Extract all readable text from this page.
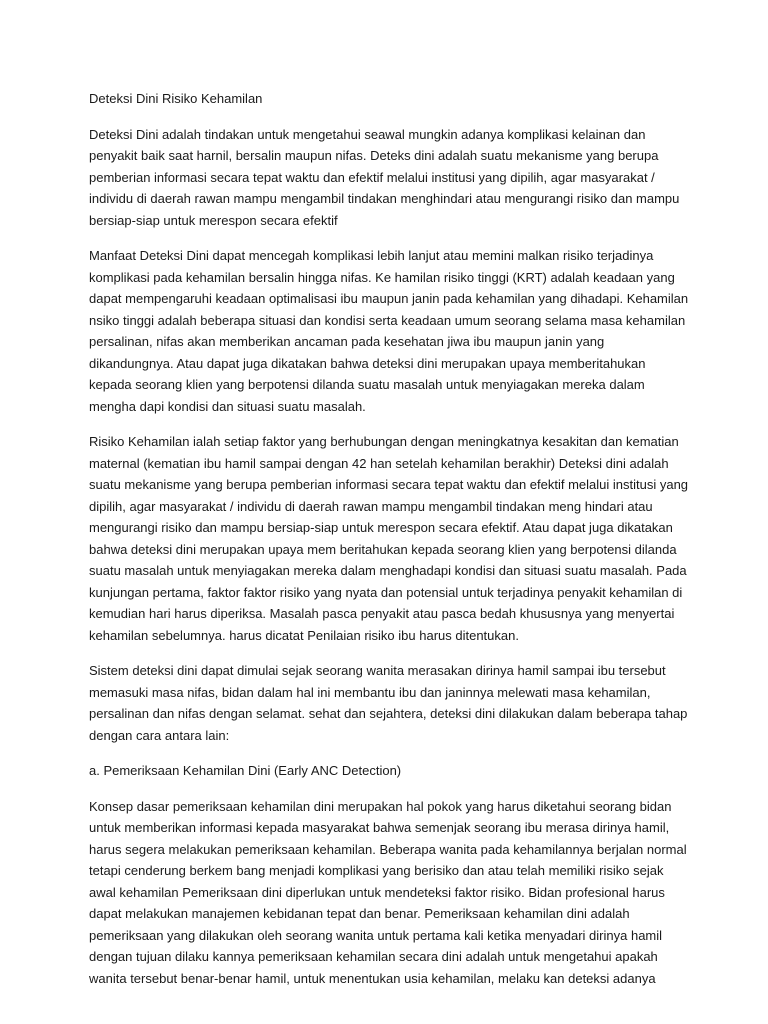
Deteksi Dini Risiko Kehamilan

Deteksi Dini adalah tindakan untuk mengetahui seawal mungkin adanya komplikasi kelainan dan penyakit baik saat harnil, bersalin maupun nifas. Deteks dini adalah suatu mekanisme yang berupa pemberian informasi secara tepat waktu dan efektif melalui institusi yang dipilih, agar masyarakat / individu di daerah rawan mampu mengambil tindakan menghindari atau mengurangi risiko dan mampu bersiap-siap untuk merespon secara efektif

Manfaat Deteksi Dini dapat mencegah komplikasi lebih lanjut atau memini malkan risiko terjadinya komplikasi pada kehamilan bersalin hingga nifas. Ke hamilan risiko tinggi (KRT) adalah keadaan yang dapat mempengaruhi keadaan optimalisasi ibu maupun janin pada kehamilan yang dihadapi. Kehamilan nsiko tinggi adalah beberapa situasi dan kondisi serta keadaan umum seorang selama masa kehamilan persalinan, nifas akan memberikan ancaman pada kesehatan jiwa ibu maupun janin yang dikandungnya. Atau dapat juga dikatakan bahwa deteksi dini merupakan upaya memberitahukan kepada seorang klien yang berpotensi dilanda suatu masalah untuk menyiagakan mereka dalam mengha dapi kondisi dan situasi suatu masalah.

Risiko Kehamilan ialah setiap faktor yang berhubungan dengan meningkatnya kesakitan dan kematian maternal (kematian ibu hamil sampai dengan 42 han setelah kehamilan berakhir) Deteksi dini adalah suatu mekanisme yang berupa pemberian informasi secara tepat waktu dan efektif melalui institusi yang dipilih, agar masyarakat / individu di daerah rawan mampu mengambil tindakan meng hindari atau mengurangi risiko dan mampu bersiap-siap untuk merespon secara efektif. Atau dapat juga dikatakan bahwa deteksi dini merupakan upaya mem beritahukan kepada seorang klien yang berpotensi dilanda suatu masalah untuk menyiagakan mereka dalam menghadapi kondisi dan situasi suatu masalah. Pada kunjungan pertama, faktor faktor risiko yang nyata dan potensial untuk terjadinya penyakit kehamilan di kemudian hari harus diperiksa. Masalah pasca penyakit atau pasca bedah khususnya yang menyertai kehamilan sebelumnya. harus dicatat Penilaian risiko ibu harus ditentukan.

Sistem deteksi dini dapat dimulai sejak seorang wanita merasakan dirinya hamil sampai ibu tersebut memasuki masa nifas, bidan dalam hal ini membantu ibu dan janinnya melewati masa kehamilan, persalinan dan nifas dengan selamat. sehat dan sejahtera, deteksi dini dilakukan dalam beberapa tahap dengan cara antara lain:

a. Pemeriksaan Kehamilan Dini (Early ANC Detection)

Konsep dasar pemeriksaan kehamilan dini merupakan hal pokok yang harus diketahui seorang bidan untuk memberikan informasi kepada masyarakat bahwa semenjak seorang ibu merasa dirinya hamil, harus segera melakukan pemeriksaan kehamilan. Beberapa wanita pada kehamilannya berjalan normal tetapi cenderung berkem bang menjadi komplikasi yang berisiko dan atau telah memiliki risiko sejak awal kehamilan Pemeriksaan dini diperlukan untuk mendeteksi faktor risiko. Bidan profesional harus dapat melakukan manajemen kebidanan tepat dan benar. Pemeriksaan kehamilan dini adalah pemeriksaan yang dilakukan oleh seorang wanita untuk pertama kali ketika menyadari dirinya hamil dengan tujuan dilaku kannya pemeriksaan kehamilan secara dini adalah untuk mengetahui apakah wanita tersebut benar-benar hamil, untuk menentukan usia kehamilan, melaku kan deteksi adanya
